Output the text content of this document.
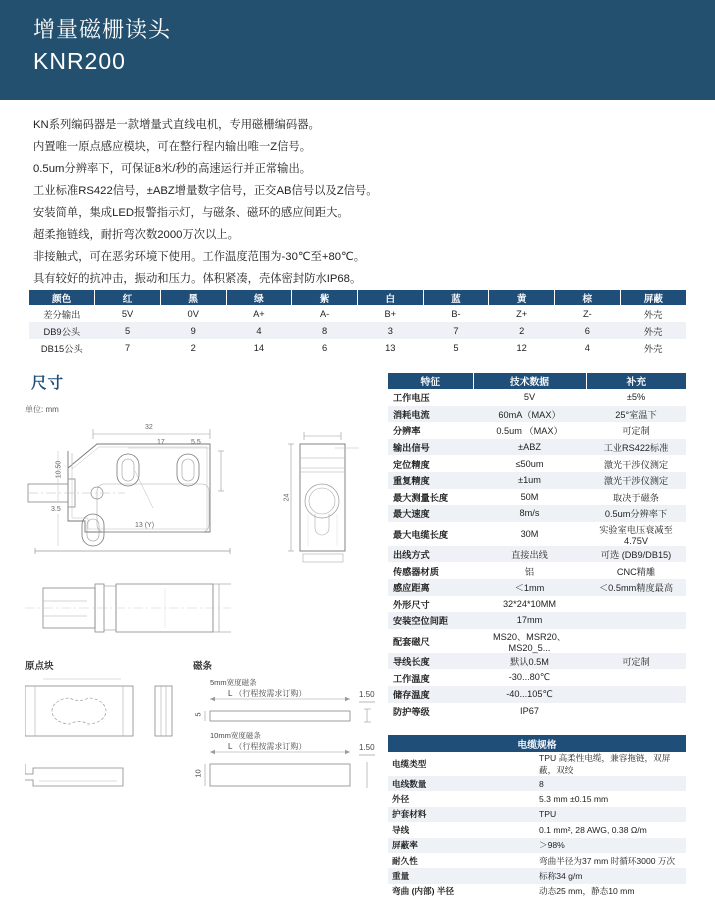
增量磁栅读头
KNR200

KN系列编码器是一款增量式直线电机，专用磁栅编码器。

内置唯一原点感应模块，可在整行程内输出唯一Z信号。

0.5um分辨率下，可保证8米/秒的高速运行并正常输出。

工业标准RS422信号，±ABZ增量数字信号，正交AB信号以及Z信号。

安装简单，集成LED报警指示灯，与磁条、磁环的感应间距大。

超柔拖链线，耐折弯次数2000万次以上。

非接触式，可在恶劣环境下使用。工作温度范围为-30℃至+80℃。

具有较好的抗冲击，振动和压力。体积紧凑，壳体密封防水IP68。

颜色	红	黑	绿	紫	白	蓝	黄	棕	屏蔽
差分输出	5V	0V	A+	A-	B+	B-	Z+	Z-	外壳
DB9公头	5	9	4	8	3	7	2	6	外壳
DB15公头	7	2	14	6	13	5	12	4	外壳
尺寸
单位: mm
原点块	磁条
5mm宽度磁条
L （行程按需求订购）	1.50
5
10mm宽度磁条
L （行程按需求订购）	1.50
10
32
17	5.5
13 (Y)
10.50
3.5
24
特征	技术数据	补充
工作电压	5V	±5%
消耗电流	60mA（MAX）	25°室温下
分辨率	0.5um （MAX）	可定制
输出信号	±ABZ	工业RS422标准
定位精度	≤50um	激光干涉仪测定
重复精度	±1um	激光干涉仪测定
最大测量长度	50M	取决于磁条
最大速度	8m/s	0.5um分辨率下
最大电缆长度	30M	实验室电压衰减至4.75V
出线方式	直接出线	可选 (DB9/DB15)
传感器材质	铝	CNC精雕
感应距离	＜1mm	＜0.5mm精度最高
外形尺寸	32*24*10MM	
安装空位间距	17mm	
配套磁尺	MS20、MSR20、MS20_5...	
导线长度	默认0.5M	可定制
工作温度	-30...80℃	
储存温度	-40...105℃	
防护等级	IP67	
电缆规格	
电缆类型	TPU 高柔性电缆，兼容拖链，双屏蔽，双绞
电线数量	8
外径	5.3 mm ±0.15 mm
护套材料	TPU
导线	0.1 mm², 28 AWG, 0.38 Ω/m
屏蔽率	＞98%
耐久性	弯曲半径为37 mm 时循环3000 万次
重量	标称34 g/m
弯曲 (内部) 半径	动态25 mm，静态10 mm
